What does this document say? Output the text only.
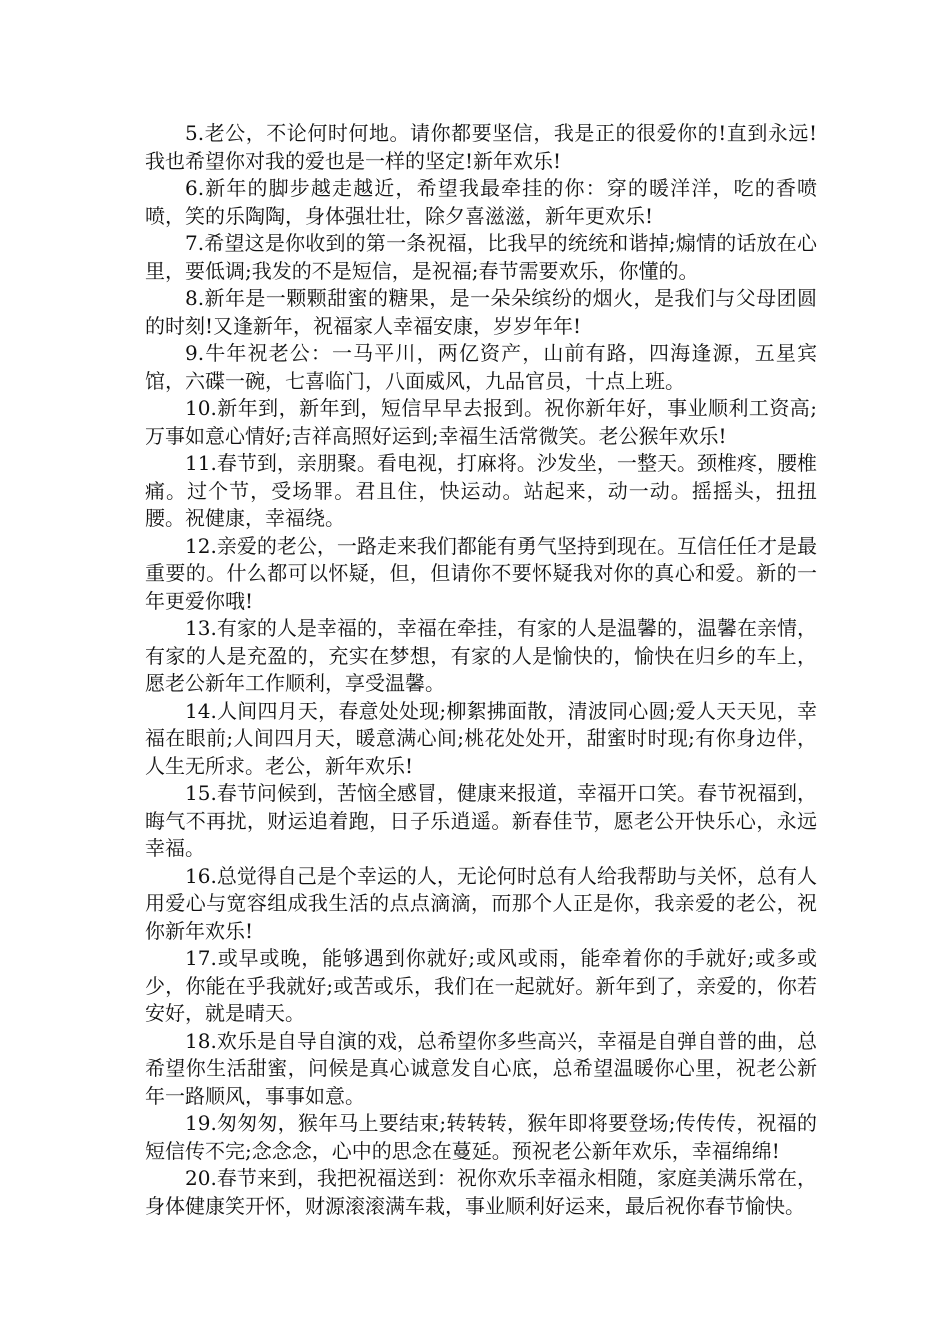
5.老公，不论何时何地。请你都要坚信，我是正的很爱你的!直到永远!我也希望你对我的爱也是一样的坚定!新年欢乐!

6.新年的脚步越走越近，希望我最牵挂的你：穿的暖洋洋，吃的香喷喷，笑的乐陶陶，身体强壮壮，除夕喜滋滋，新年更欢乐!

7.希望这是你收到的第一条祝福，比我早的统统和谐掉;煽情的话放在心里，要低调;我发的不是短信，是祝福;春节需要欢乐，你懂的。

8.新年是一颗颗甜蜜的糖果，是一朵朵缤纷的烟火，是我们与父母团圆的时刻!又逢新年，祝福家人幸福安康，岁岁年年!

9.牛年祝老公：一马平川，两亿资产，山前有路，四海逢源，五星宾馆，六碟一碗，七喜临门，八面威风，九品官员，十点上班。

10.新年到，新年到，短信早早去报到。祝你新年好，事业顺利工资高;万事如意心情好;吉祥高照好运到;幸福生活常微笑。老公猴年欢乐!

11.春节到，亲朋聚。看电视，打麻将。沙发坐，一整天。颈椎疼，腰椎痛。过个节，受场罪。君且住，快运动。站起来，动一动。摇摇头，扭扭腰。祝健康，幸福绕。

12.亲爱的老公，一路走来我们都能有勇气坚持到现在。互信任任才是最重要的。什么都可以怀疑，但，但请你不要怀疑我对你的真心和爱。新的一年更爱你哦!

13.有家的人是幸福的，幸福在牵挂，有家的人是温馨的，温馨在亲情，有家的人是充盈的，充实在梦想，有家的人是愉快的，愉快在归乡的车上，愿老公新年工作顺利，享受温馨。

14.人间四月天，春意处处现;柳絮拂面散，清波同心圆;爱人天天见，幸福在眼前;人间四月天，暖意满心间;桃花处处开，甜蜜时时现;有你身边伴，人生无所求。老公，新年欢乐!

15.春节问候到，苦恼全感冒，健康来报道，幸福开口笑。春节祝福到，晦气不再扰，财运追着跑，日子乐逍遥。新春佳节，愿老公开快乐心，永远幸福。

16.总觉得自己是个幸运的人，无论何时总有人给我帮助与关怀，总有人用爱心与宽容组成我生活的点点滴滴，而那个人正是你，我亲爱的老公，祝你新年欢乐!

17.或早或晚，能够遇到你就好;或风或雨，能牵着你的手就好;或多或少，你能在乎我就好;或苦或乐，我们在一起就好。新年到了，亲爱的，你若安好，就是晴天。

18.欢乐是自导自演的戏，总希望你多些高兴，幸福是自弹自普的曲，总希望你生活甜蜜，问候是真心诚意发自心底，总希望温暖你心里，祝老公新年一路顺风，事事如意。

19.匆匆匆，猴年马上要结束;转转转，猴年即将要登场;传传传，祝福的短信传不完;念念念，心中的思念在蔓延。预祝老公新年欢乐，幸福绵绵!

20.春节来到，我把祝福送到：祝你欢乐幸福永相随，家庭美满乐常在，身体健康笑开怀，财源滚滚满车栽，事业顺利好运来，最后祝你春节愉快。
